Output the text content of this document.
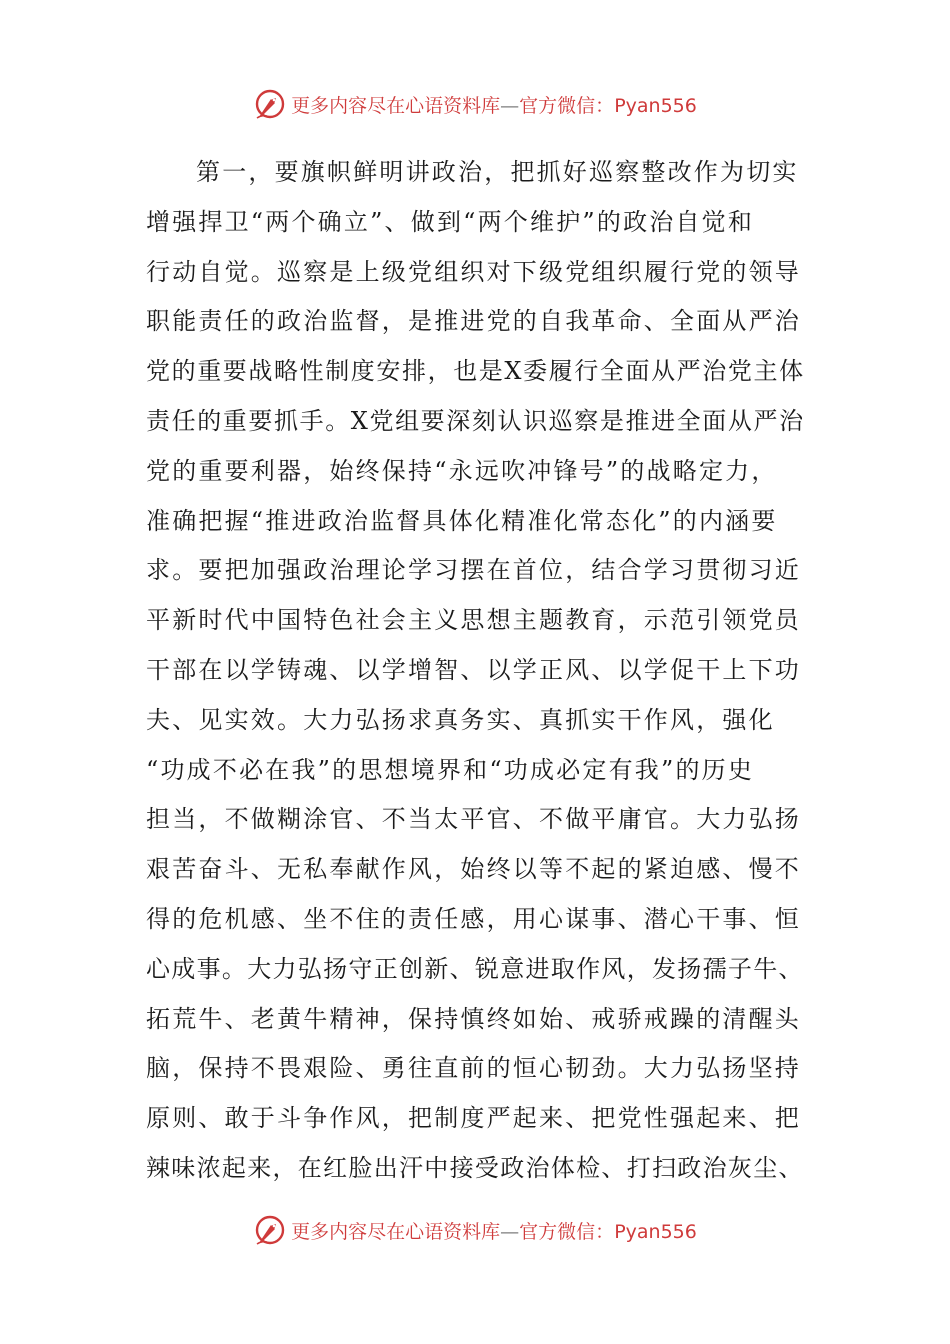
更多内容尽在心语资料库—官方微信：Pyan556
第一，要旗帜鲜明讲政治，把抓好巡察整改作为切实
增强捍卫“两个确立”、做到“两个维护”的政治自觉和
行动自觉。巡察是上级党组织对下级党组织履行党的领导
职能责任的政治监督，是推进党的自我革命、全面从严治
党的重要战略性制度安排，也是X委履行全面从严治党主体
责任的重要抓手。X党组要深刻认识巡察是推进全面从严治
党的重要利器，始终保持“永远吹冲锋号”的战略定力，
准确把握“推进政治监督具体化精准化常态化”的内涵要
求。要把加强政治理论学习摆在首位，结合学习贯彻习近
平新时代中国特色社会主义思想主题教育，示范引领党员
干部在以学铸魂、以学增智、以学正风、以学促干上下功
夫、见实效。大力弘扬求真务实、真抓实干作风，强化
“功成不必在我”的思想境界和“功成必定有我”的历史
担当，不做糊涂官、不当太平官、不做平庸官。大力弘扬
艰苦奋斗、无私奉献作风，始终以等不起的紧迫感、慢不
得的危机感、坐不住的责任感，用心谋事、潜心干事、恒
心成事。大力弘扬守正创新、锐意进取作风，发扬孺子牛、
拓荒牛、老黄牛精神，保持慎终如始、戒骄戒躁的清醒头
脑，保持不畏艰险、勇往直前的恒心韧劲。大力弘扬坚持
原则、敢于斗争作风，把制度严起来、把党性强起来、把
辣味浓起来，在红脸出汗中接受政治体检、打扫政治灰尘、
更多内容尽在心语资料库—官方微信：Pyan556
